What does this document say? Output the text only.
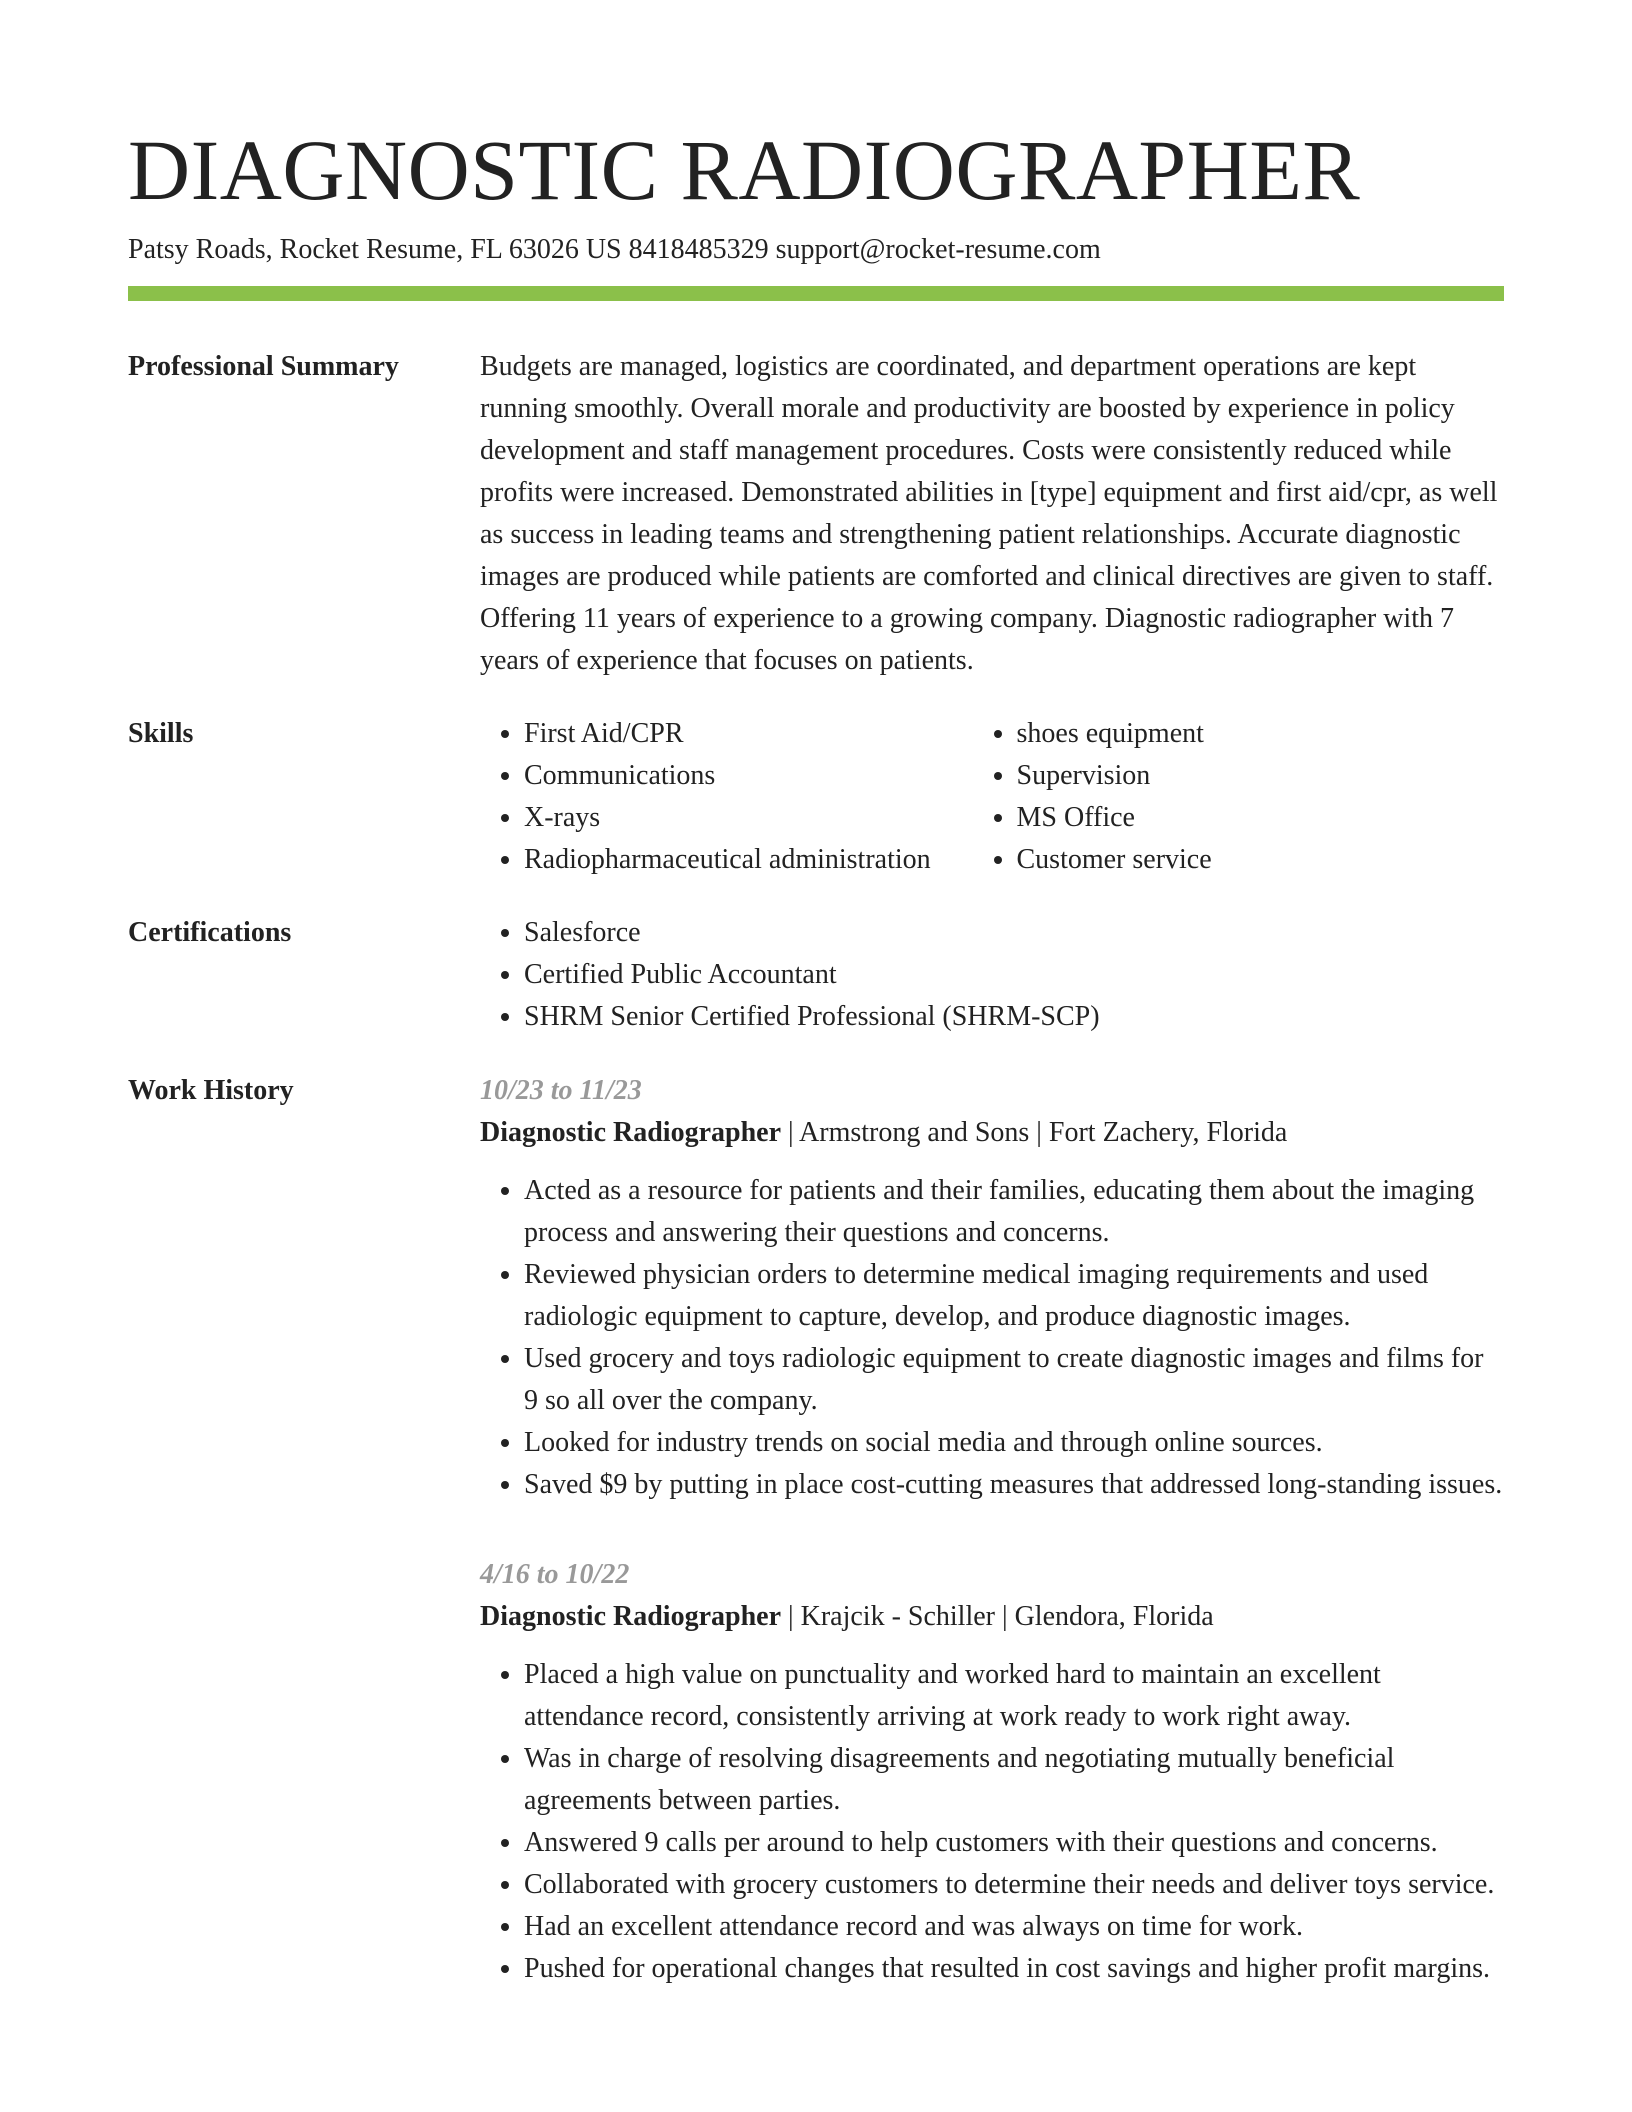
DIAGNOSTIC RADIOGRAPHER
Patsy Roads, Rocket Resume, FL 63026 US 8418485329 support@rocket-resume.com
Professional Summary	Budgets are managed, logistics are coordinated, and department operations are kept running smoothly. Overall morale and productivity are boosted by experience in policy development and staff management procedures. Costs were consistently reduced while profits were increased. Demonstrated abilities in [type] equipment and first aid/cpr, as well as success in leading teams and strengthening patient relationships. Accurate diagnostic images are produced while patients are comforted and clinical directives are given to staff. Offering 11 years of experience to a growing company. Diagnostic radiographer with 7 years of experience that focuses on patients.

Skills	• First Aid/CPR
• Communications
• X-rays
• Radiopharmaceutical administration
• shoes equipment
• Supervision
• MS Office
• Customer service
Certifications	• Salesforce
• Certified Public Accountant
• SHRM Senior Certified Professional (SHRM-SCP)
Work History	10/23 to 11/23
Diagnostic Radiographer | Armstrong and Sons | Fort Zachery, Florida
• Acted as a resource for patients and their families, educating them about the imaging process and answering their questions and concerns.
• Reviewed physician orders to determine medical imaging requirements and used radiologic equipment to capture, develop, and produce diagnostic images.
• Used grocery and toys radiologic equipment to create diagnostic images and films for 9 so all over the company.
• Looked for industry trends on social media and through online sources.
• Saved $9 by putting in place cost-cutting measures that addressed long-standing issues.
4/16 to 10/22
Diagnostic Radiographer | Krajcik - Schiller | Glendora, Florida
• Placed a high value on punctuality and worked hard to maintain an excellent attendance record, consistently arriving at work ready to work right away.
• Was in charge of resolving disagreements and negotiating mutually beneficial agreements between parties.
• Answered 9 calls per around to help customers with their questions and concerns.
• Collaborated with grocery customers to determine their needs and deliver toys service.
• Had an excellent attendance record and was always on time for work.
• Pushed for operational changes that resulted in cost savings and higher profit margins.
